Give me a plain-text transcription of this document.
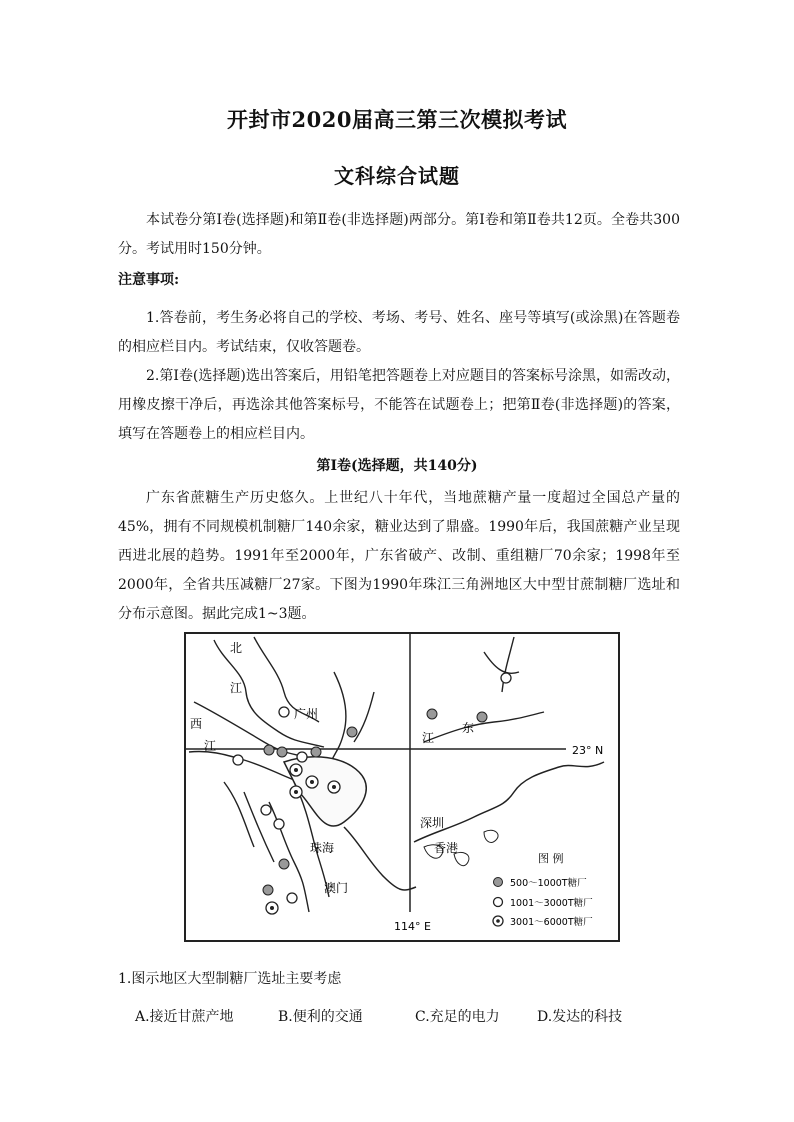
开封市2020届高三第三次模拟考试
文科综合试题
本试卷分第Ⅰ卷(选择题)和第Ⅱ卷(非选择题)两部分。第Ⅰ卷和第Ⅱ卷共12页。全卷共300分。考试用时150分钟。
注意事项:
1.答卷前，考生务必将自己的学校、考场、考号、姓名、座号等填写(或涂黑)在答题卷的相应栏目内。考试结束，仅收答题卷。
2.第Ⅰ卷(选择题)选出答案后，用铅笔把答题卷上对应题目的答案标号涂黑，如需改动，用橡皮擦干净后，再选涂其他答案标号，不能答在试题卷上；把第Ⅱ卷(非选择题)的答案，填写在答题卷上的相应栏目内。
第Ⅰ卷(选择题，共140分)
广东省蔗糖生产历史悠久。上世纪八十年代，当地蔗糖产量一度超过全国总产量的45%，拥有不同规模机制糖厂140余家，糖业达到了鼎盛。1990年后，我国蔗糖产业呈现西进北展的趋势。1991年至2000年，广东省破产、改制、重组糖厂70余家；1998年至2000年，全省共压减糖厂27家。下图为1990年珠江三角洲地区大中型甘蔗制糖厂选址和分布示意图。据此完成1~3题。
北
江
西
江
广州
江
东
23° N
114° E
深圳
香港
珠海
澳门
图 例
500～1000T糖厂
1001～3000T糖厂
3001～6000T糖厂
1.图示地区大型制糖厂选址主要考虑
A.接近甘蔗产地	B.便利的交通	C.充足的电力	D.发达的科技
